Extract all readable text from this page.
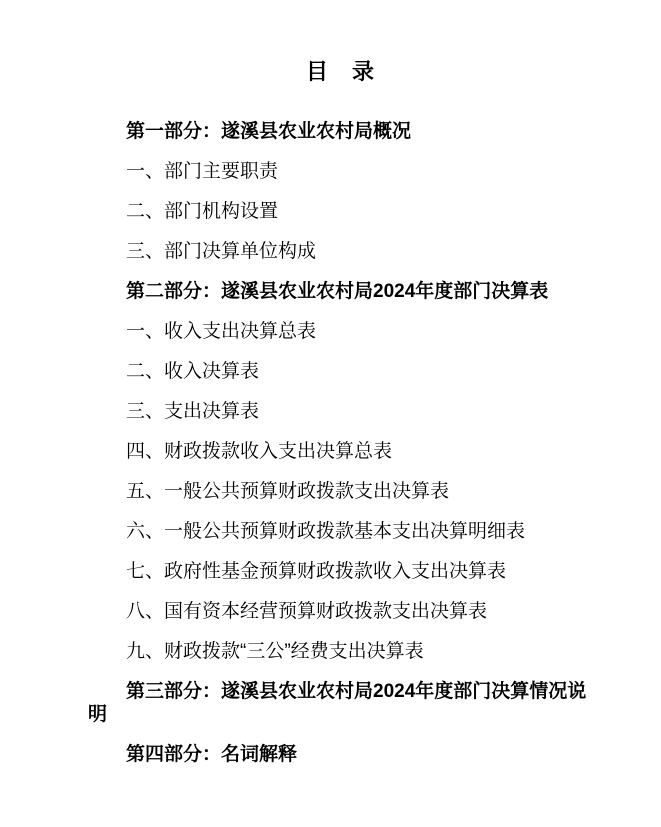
目　录

第一部分：遂溪县农业农村局概况

一、部门主要职责

二、部门机构设置

三、部门决算单位构成

第二部分：遂溪县农业农村局2024年度部门决算表

一、收入支出决算总表

二、收入决算表

三、支出决算表

四、财政拨款收入支出决算总表

五、一般公共预算财政拨款支出决算表

六、一般公共预算财政拨款基本支出决算明细表

七、政府性基金预算财政拨款收入支出决算表

八、国有资本经营预算财政拨款支出决算表

九、财政拨款“三公”经费支出决算表

第三部分：遂溪县农业农村局2024年度部门决算情况说明

第四部分：名词解释
